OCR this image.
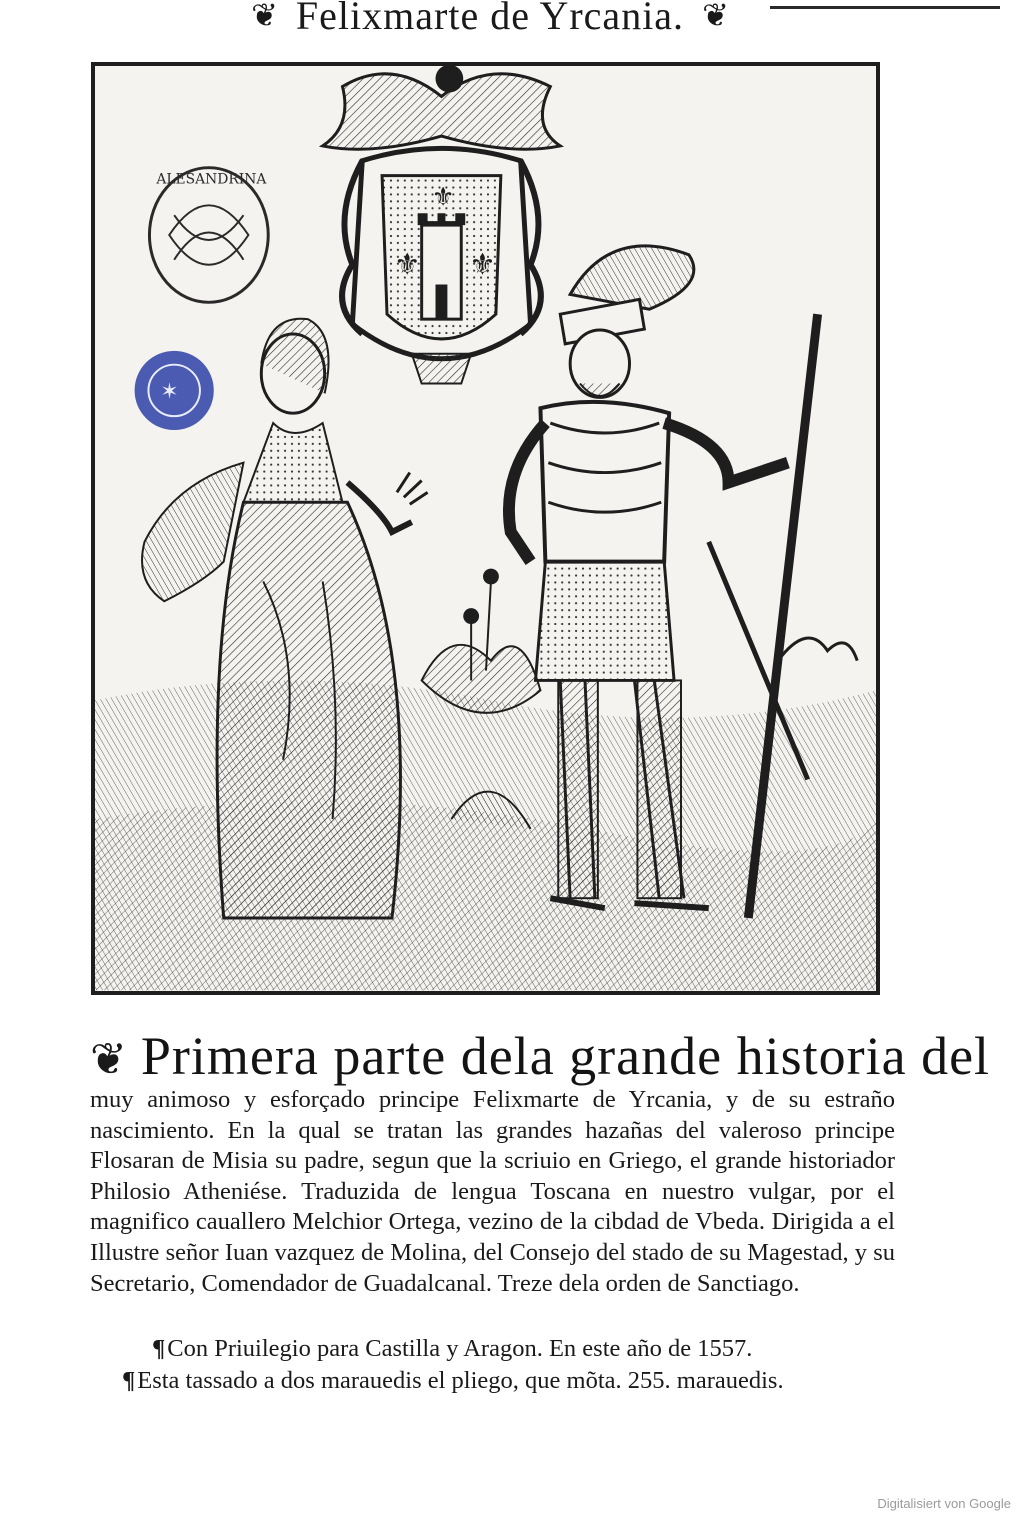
❦ Felixmarte de Yrcania. ❦
⚜ ⚜
⚜
ALESANDRINA
✶
❦ Primera parte dela grande historia del
muy animoso y esforçado principe Felixmarte de Yrcania, y de su estraño nascimiento. En la qual se tratan las grandes hazañas del valeroso principe Flosaran de Misia su padre, segun que la scriuio en Griego, el grande historiador Philosio Atheniése. Traduzida de lengua Toscana en nuestro vulgar, por el magnifico cauallero Melchior Ortega, vezino de la cibdad de Vbeda. Dirigida a el Illustre señor Iuan vazquez de Molina, del Consejo del stado de su Magestad, y su Secretario, Comendador de Guadalcanal. Treze dela orden de Sanctiago.
¶Con Priuilegio para Castilla y Aragon. En este año de 1557.
¶Esta tassado a dos marauedis el pliego, que mõta. 255. marauedis.
Digitalisiert von Google
